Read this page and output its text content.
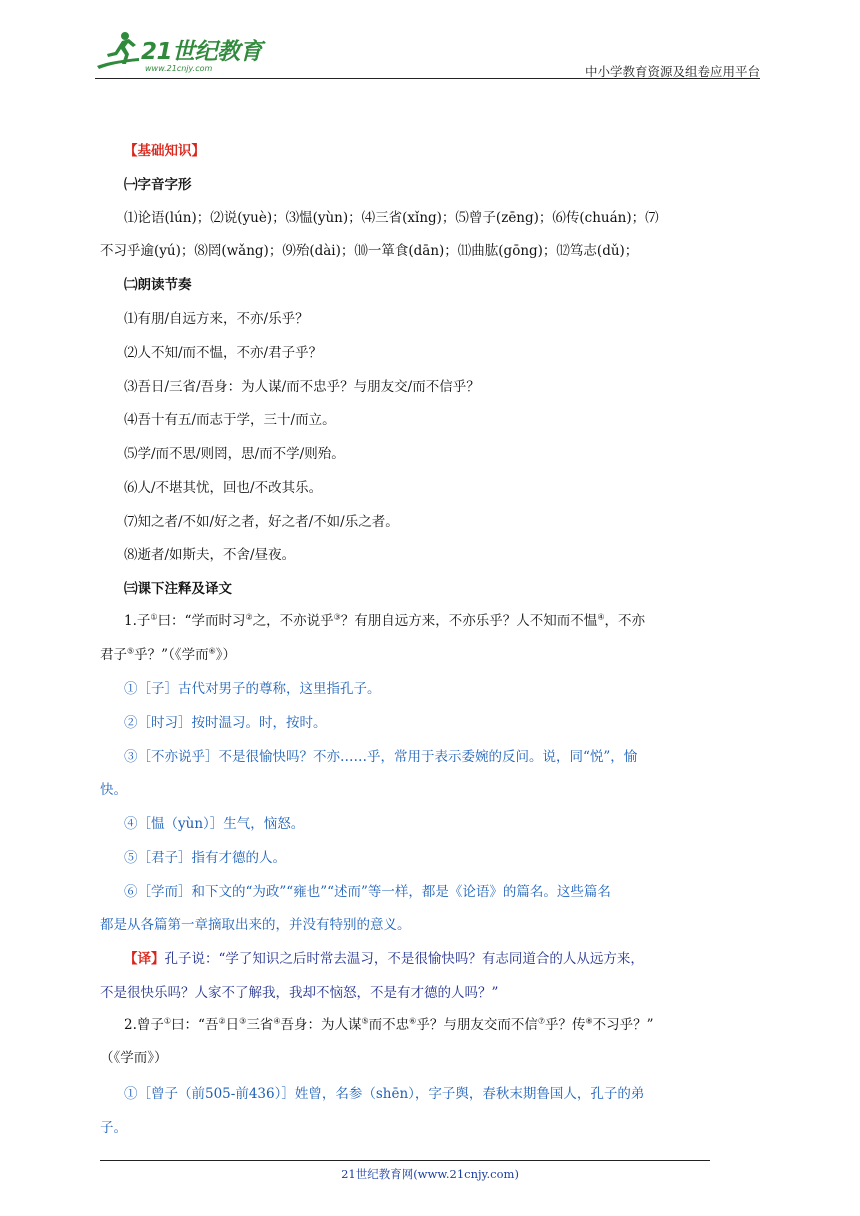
21世纪教育
www.21cnjy.com	中小学教育资源及组卷应用平台
【基础知识】
㈠字音字形
⑴论语(lún)；⑵说(yuè)；⑶愠(yùn)；⑷三省(xǐng)；⑸曾子(zēng)；⑹传(chuán)；⑺
不习乎逾(yú)；⑻罔(wǎng)；⑼殆(dài)；⑽一箪食(dān)；⑾曲肱(gōng)；⑿笃志(dǔ)；
㈡朗读节奏
⑴有朋/自远方来，不亦/乐乎？
⑵人不知/而不愠，不亦/君子乎？
⑶吾日/三省/吾身：为人谋/而不忠乎？与朋友交/而不信乎？
⑷吾十有五/而志于学，三十/而立。
⑸学/而不思/则罔，思/而不学/则殆。
⑹人/不堪其忧，回也/不改其乐。
⑺知之者/不如/好之者，好之者/不如/乐之者。
⑻逝者/如斯夫，不舍/昼夜。
㈢课下注释及译文
1.子①曰：“学而时习②之，不亦说乎③？有朋自远方来，不亦乐乎？人不知而不愠④，不亦
君子⑤乎？”（《学而⑥》）
①［子］古代对男子的尊称，这里指孔子。
②［时习］按时温习。时，按时。
③［不亦说乎］不是很愉快吗？不亦……乎，常用于表示委婉的反问。说，同“悦”，愉
快。
④［愠（yùn）］生气，恼怒。
⑤［君子］指有才德的人。
⑥［学而］和下文的“为政”“雍也”“述而”等一样，都是《论语》的篇名。这些篇名
都是从各篇第一章摘取出来的，并没有特别的意义。
【译】孔子说：“学了知识之后时常去温习，不是很愉快吗？有志同道合的人从远方来，
不是很快乐吗？人家不了解我，我却不恼怒，不是有才德的人吗？”
2.曾子①曰：“吾②日③三省④吾身：为人谋⑤而不忠⑥乎？与朋友交而不信⑦乎？传⑧不习乎？”
（《学而》）
①［曾子（前505-前436）］姓曾，名参（shēn），字子舆，春秋末期鲁国人，孔子的弟
子。
21世纪教育网(www.21cnjy.com)
